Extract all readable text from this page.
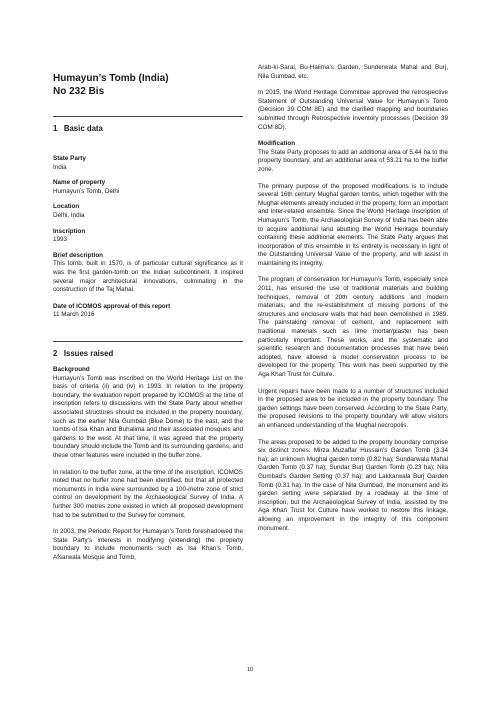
Humayun’s Tomb (India)
No 232 Bis
1 Basic data

State Party

India

Name of property

Humayun’s Tomb, Delhi

Location

Delhi, India

Inscription

1993

Brief description

This tomb, built in 1570, is of particular cultural significance as it was the first garden-tomb on the Indian subcontinent. It inspired several major architectural innovations, culminating in the construction of the Taj Mahal.

Date of ICOMOS approval of this report

11 March 2016

2 Issues raised

Background

Humayun’s Tomb was inscribed on the World Heritage List on the basis of criteria (ii) and (iv) in 1993. In relation to the property boundary, the evaluation report prepared by ICOMOS at the time of inscription refers to discussions with the State Party about whether associated structures should be included in the property boundary, such as the earlier Nila Gumbad (Blue Dome) to the east, and the tombs of Isa Khan and Buhalima and their associated mosques and gardens to the west. At that time, it was agreed that the property boundary should include the Tomb and its surrounding gardens, and these other features were included in the buffer zone.

In relation to the buffer zone, at the time of the inscription, ICOMOS noted that no buffer zone had been identified, but that all protected monuments in India were surrounded by a 100-metre zone of strict control on development by the Archaeological Survey of India. A further 300 metres zone existed in which all proposed development had to be submitted to the Survey for comment.

In 2003, the Periodic Report for Humayan’s Tomb foreshadowed the State Party’s interests in modifying (extending) the property boundary to include monuments such as Isa Khan’s Tomb, Afsarwala Mosque and Tomb,

Arab-ki-Sarai, Bu-Halima’s Garden, Sunderwala Mahal and Burj, Nila Gumbad, etc.

In 2015, the World Heritage Committee approved the retrospective Statement of Outstanding Universal Value for Humayun’s Tomb (Decision 39 COM 8E) and the clarified mapping and boundaries submitted through Retrospective Inventory processes (Decision 39 COM 8D).

Modification

The State Party proposes to add an additional area of 5.44 ha to the property boundary, and an additional area of 53.21 ha to the buffer zone.

The primary purpose of the proposed modifications is to include several 16th century Mughal garden tombs, which together with the Mughal elements already included in the property, form an important and inter-related ensemble. Since the World Heritage inscription of Humayun’s Tomb, the Archaeological Survey of India has been able to acquire additional land abutting the World Heritage boundary containing these additional elements. The State Party argues that incorporation of this ensemble in its entirety is necessary in light of the Outstanding Universal Value of the property, and will assist in maintaining its integrity.

The program of conservation for Humayun’s Tomb, especially since 2011, has ensured the use of traditional materials and building techniques, removal of 20th century additions and modern materials, and the re-establishment of missing portions of the structures and enclosure walls that had been demolished in 1989. The painstaking removal of cement, and replacement with traditional materials such as lime mortar/plaster has been particularly important. These works, and the systematic and scientific research and documentation processes that have been adopted, have allowed a model conservation process to be developed for the property. This work has been supported by the Aga Khan Trust for Culture.

Urgent repairs have been made to a number of structures included in the proposed area to be included in the property boundary. The garden settings have been conserved. According to the State Party, the proposed revisions to the property boundary will allow visitors an enhanced understanding of the Mughal necropolis.

The areas proposed to be added to the property boundary comprise six distinct zones: Mirza Muzaffar Hussain’s Garden Tomb (3.34 ha); an unknown Mughal garden tomb (0.82 ha); Sundarwala Mahal Garden Tomb (0.37 ha); Sundar Burj Garden Tomb (0.23 ha); Nila Gumbad’s Garden Setting (0.37 ha); and Lakkarwala Burj Garden Tomb (0.31 ha). In the case of Nila Gumbad, the monument and its garden setting were separated by a roadway at the time of inscription, but the Archaeological Survey of India, assisted by the Aga Khan Trust for Culture have worked to restore this linkage, allowing an improvement in the integrity of this component monument.

10
